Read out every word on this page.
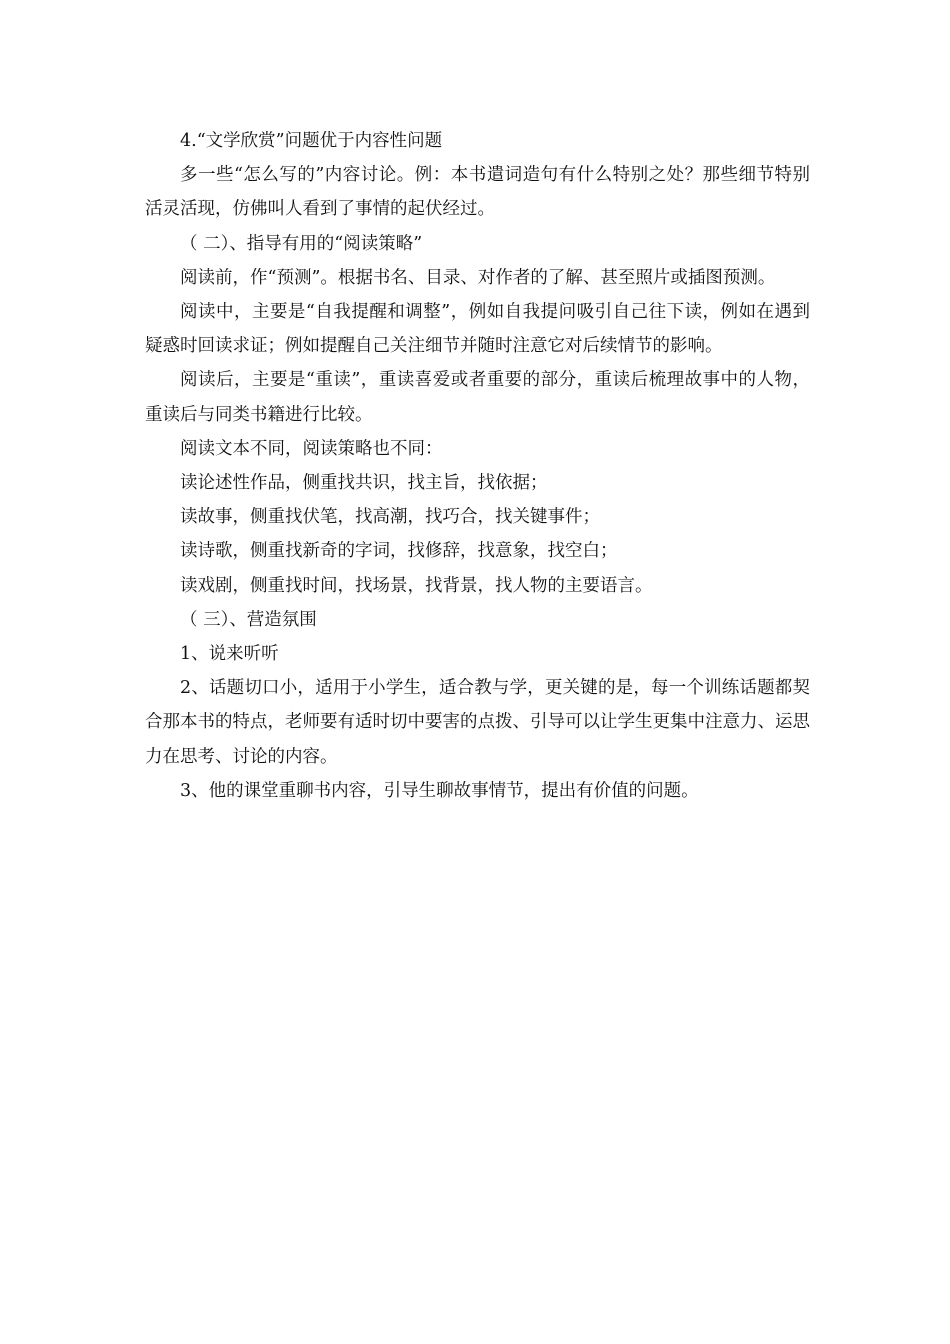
4.“文学欣赏”问题优于内容性问题

多一些“怎么写的”内容讨论。例：本书遣词造句有什么特别之处？那些细节特别活灵活现，仿佛叫人看到了事情的起伏经过。

（ 二）、指导有用的“阅读策略”

阅读前，作“预测”。根据书名、目录、对作者的了解、甚至照片或插图预测。

阅读中，主要是“自我提醒和调整”，例如自我提问吸引自己往下读，例如在遇到疑惑时回读求证；例如提醒自己关注细节并随时注意它对后续情节的影响。

阅读后，主要是“重读”，重读喜爱或者重要的部分，重读后梳理故事中的人物，重读后与同类书籍进行比较。

阅读文本不同，阅读策略也不同：

读论述性作品，侧重找共识，找主旨，找依据；

读故事，侧重找伏笔，找高潮，找巧合，找关键事件；

读诗歌，侧重找新奇的字词，找修辞，找意象，找空白；

读戏剧，侧重找时间，找场景，找背景，找人物的主要语言。

（ 三）、营造氛围

1、说来听听

2、话题切口小，适用于小学生，适合教与学，更关键的是，每一个训练话题都契合那本书的特点，老师要有适时切中要害的点拨、引导可以让学生更集中注意力、运思力在思考、讨论的内容。

3、他的课堂重聊书内容，引导生聊故事情节，提出有价值的问题。
